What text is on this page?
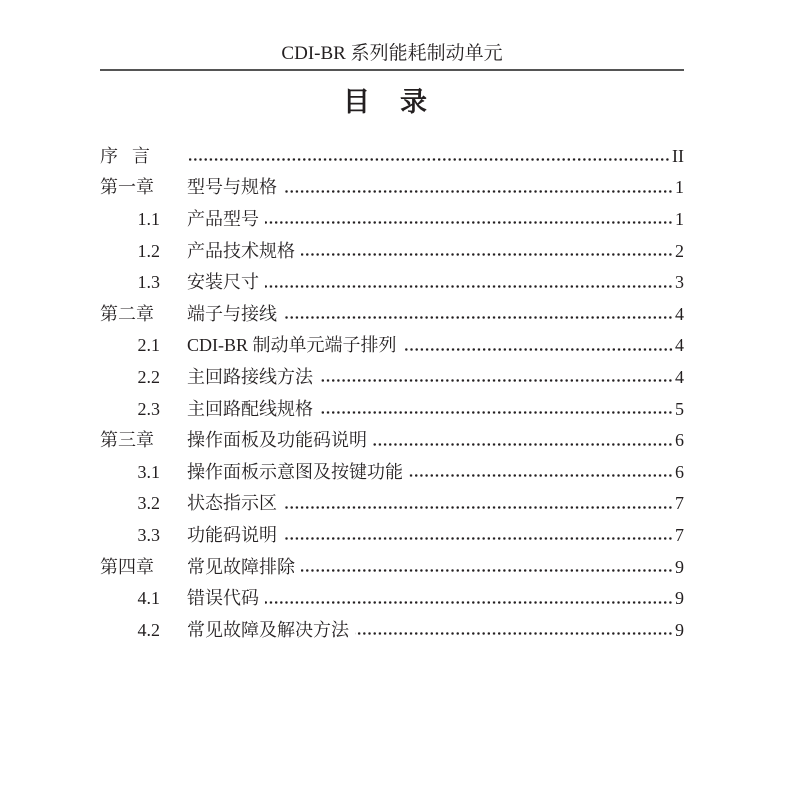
CDI-BR 系列能耗制动单元
目录
序言	II
第一章	型号与规格	1
1.1 产品型号	1
1.2 产品技术规格	2
1.3 安装尺寸	3
第二章	端子与接线	4
2.1 CDI-BR 制动单元端子排列	4
2.2 主回路接线方法	4
2.3 主回路配线规格	5
第三章	操作面板及功能码说明	6
3.1 操作面板示意图及按键功能	6
3.2 状态指示区	7
3.3 功能码说明	7
第四章	常见故障排除	9
4.1 错误代码	9
4.2 常见故障及解决方法	9
